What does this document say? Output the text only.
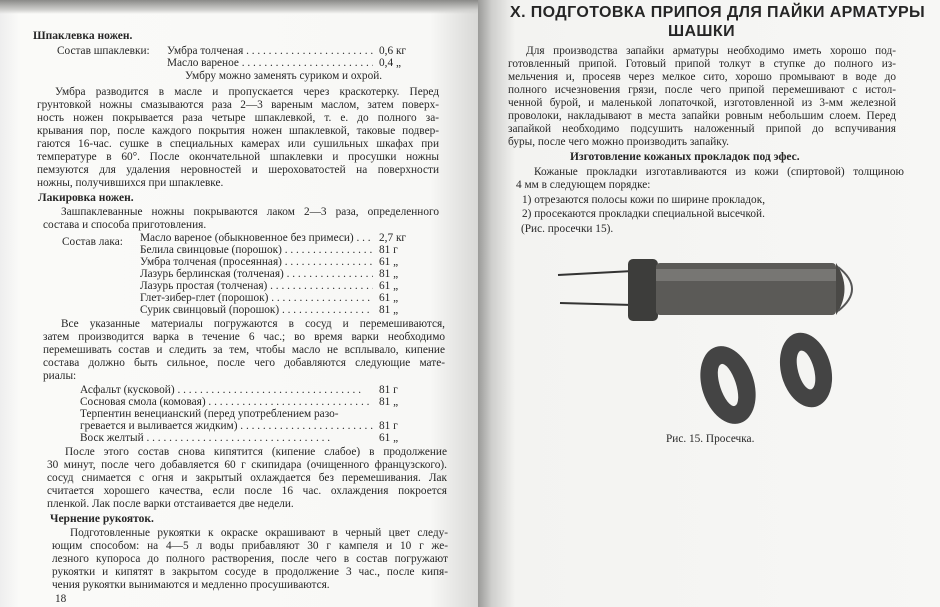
Шпаклевка ножен.
Состав шпаклевки: Умбра толченая . . .	0,6 кг
Масло вареное . . .	0,4 „
Умбру можно заменять суриком и охрой.
Умбра разводится в масле и пропускается через краскотерку. Перед
грунтовкой ножны смазываются раза 2—3 вареным маслом, затем поверх-
ность ножен покрывается раза четыре шпаклевкой, т. е. до полного за-
крывания пор, после каждого покрытия ножен шпаклевкой, таковые подвер-
гаются 16-час. сушке в специальных камерах или сушильных шкафах при
температуре в 60°. После окончательной шпаклевки и просушки ножны
пемзуются для удаления неровностей и шероховатостей на поверхности
ножны, получившихся при шпаклевке.
Лакировка ножен.
Зашпаклеванные ножны покрываются лаком 2—3 раза, определенного
состава и способа приготовления.
Состав лака: Масло вареное (обыкновенное без примеси) . . .	2,7 кг
Белила свинцовые (порошок) . . .	81 г
Умбра толченая (просеянная) . . .	61 „
Лазурь берлинская (толченая) . . .	81 „
Лазурь простая (толченая) . . .	61 „
Глет-зибер-глет (порошок) . . .	61 „
Сурик свинцовый (порошок) . . .	81 „
Все указанные материалы погружаются в сосуд и перемешиваются,
затем производится варка в течение 6 час.; во время варки необходимо
перемешивать состав и следить за тем, чтобы масло не всплывало, кипение
состава должно быть сильное, после чего добавляются следующие мате-
риалы:
Асфальт (кусковой) . . .	81 г
Сосновая смола (комовая) . . .	81 „
Терпентин венецианский (перед употреблением разо-
гревается и выливается жидким) . . .	81 г
Воск желтый . . .	61 „
После этого состав снова кипятится (кипение слабое) в продолжение
30 минут, после чего добавляется 60 г скипидара (очищенного французского).
сосуд снимается с огня и закрытый охлаждается без перемешивания. Лак
считается хорошего качества, если после 16 час. охлаждения покроется
пленкой. Лак после варки отстаивается две недели.
Чернение рукояток.
Подготовленные рукоятки к окраске окрашивают в черный цвет следу-
ющим способом: на 4—5 л воды прибавляют 30 г кампеля и 10 г же-
лезного купороса до полного растворения, после чего в состав погружают
рукоятки и кипятят в закрытом сосуде в продолжение 3 час., после кипя-
чения рукоятки вынимаются и медленно просушиваются.
18
X. ПОДГОТОВКА ПРИПОЯ ДЛЯ ПАЙКИ АРМАТУРЫ
ШАШКИ
Для производства запайки арматуры необходимо иметь хорошо под-
готовленный припой. Готовый припой толкут в ступке до полного из-
мельчения и, просеяв через мелкое сито, хорошо промывают в воде до
полного исчезновения грязи, после чего припой перемешивают с истол-
ченной бурой, и маленькой лопаточкой, изготовленной из 3-мм железной
проволоки, накладывают в места запайки ровным небольшим слоем. Перед
запайкой необходимо подсушить наложенный припой до вспучивания
буры, после чего можно производить запайку.
Изготовление кожаных прокладок под эфес.
Кожаные прокладки изготавливаются из кожи (спиртовой) толщиною
4 мм в следующем порядке:
1) отрезаются полосы кожи по ширине прокладок,
2) просекаются прокладки специальной высечкой.
(Рис. просечки 15).
Рис. 15. Просечка.
